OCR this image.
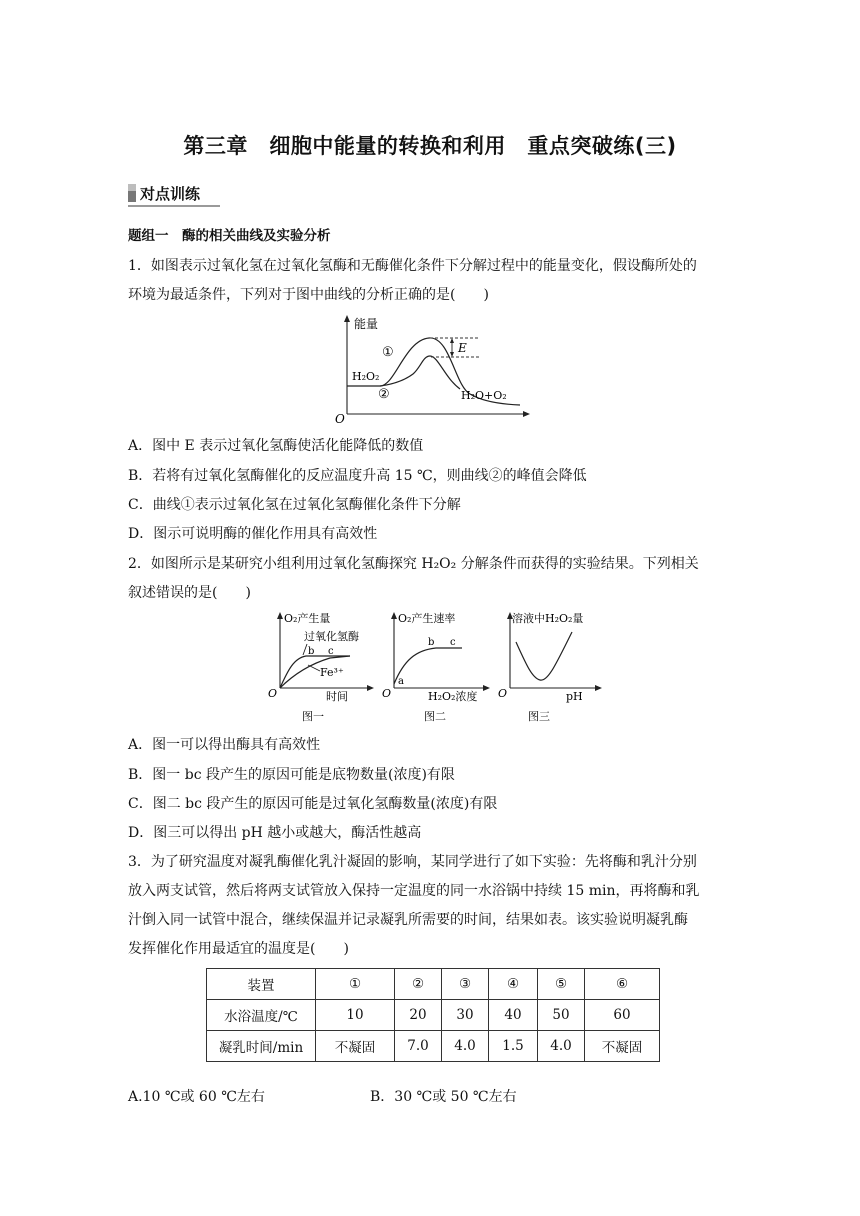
第三章　细胞中能量的转换和利用　重点突破练(三)
对点训练
题组一　酶的相关曲线及实验分析
1．如图表示过氧化氢在过氧化氢酶和无酶催化条件下分解过程中的能量变化，假设酶所处的
环境为最适条件，下列对于图中曲线的分析正确的是(　　)
O
能量
E
①
②
H₂O₂
H₂O+O₂
A．图中 E 表示过氧化氢酶使活化能降低的数值
B．若将有过氧化氢酶催化的反应温度升高 15 ℃，则曲线②的峰值会降低
C．曲线①表示过氧化氢在过氧化氢酶催化条件下分解
D．图示可说明酶的催化作用具有高效性
2．如图所示是某研究小组利用过氧化氢酶探究 H₂O₂ 分解条件而获得的实验结果。下列相关
叙述错误的是(　　)
O
O₂产生量
过氧化氢酶
b c
Fe³⁺
时间
图一
O
O₂产生速率
a
b c
H₂O₂浓度
图二
O
溶液中H₂O₂量
pH
图三
A．图一可以得出酶具有高效性
B．图一 bc 段产生的原因可能是底物数量(浓度)有限
C．图二 bc 段产生的原因可能是过氧化氢酶数量(浓度)有限
D．图三可以得出 pH 越小或越大，酶活性越高
3．为了研究温度对凝乳酶催化乳汁凝固的影响，某同学进行了如下实验：先将酶和乳汁分别
放入两支试管，然后将两支试管放入保持一定温度的同一水浴锅中持续 15 min，再将酶和乳
汁倒入同一试管中混合，继续保温并记录凝乳所需要的时间，结果如表。该实验说明凝乳酶
发挥催化作用最适宜的温度是(　　)
装置	①	②	③	④	⑤	⑥
水浴温度/℃	10	20	30	40	50	60
凝乳时间/min	不凝固	7.0	4.0	1.5	4.0	不凝固
A.10 ℃或 60 ℃左右	B．30 ℃或 50 ℃左右
